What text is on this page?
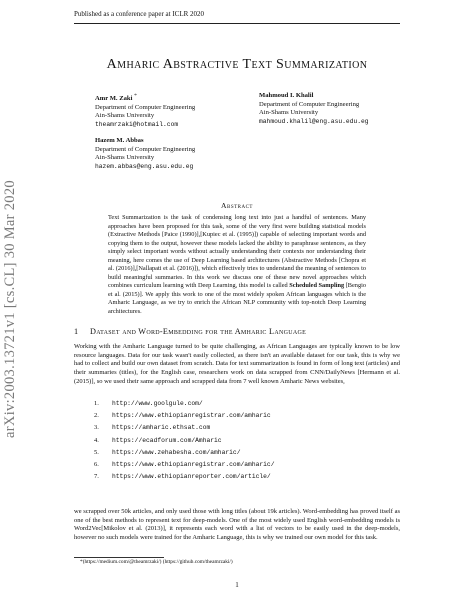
Published as a conference paper at ICLR 2020
arXiv:2003.13721v1 [cs.CL] 30 Mar 2020
Amharic Abstractive Text Summarization
Amr M. Zaki *
Department of Computer Engineering
Ain-Shams University
theamrzaki@hotmail.com
Mahmoud I. Khalil
Department of Computer Engineering
Ain-Shams University
mahmoud.khalil@eng.asu.edu.eg
Hazem M. Abbas
Department of Computer Engineering
Ain-Shams University
hazem.abbas@eng.asu.edu.eg
Abstract
Text Summarization is the task of condensing long text into just a handful of sentences. Many approaches have been proposed for this task, some of the very first were building statistical models (Extractive Methods [Paice (1990)],[Kupiec et al. (1995)]) capable of selecting important words and copying them to the output, however these models lacked the ability to paraphrase sentences, as they simply select important words without actually understanding their contexts nor understanding their meaning, here comes the use of Deep Learning based architectures (Abstractive Methods [Chopra et al. (2016)],[Nallapati et al. (2016)]), which effectively tries to understand the meaning of sentences to build meaningful summaries. In this work we discuss one of these new novel approaches which combines curriculum learning with Deep Learning, this model is called Scheduled Sampling [Bengio et al. (2015)]. We apply this work to one of the most widely spoken African languages which is the Amharic Language, as we try to enrich the African NLP community with top-notch Deep Learning architectures.
1 Dataset and Word-Embedding for the Amharic Language
Working with the Amharic Language turned to be quite challenging, as African Languages are typically known to be low resource languages. Data for our task wasn't easily collected, as there isn't an available dataset for our task, this is why we had to collect and build our own dataset from scratch. Data for text summarization is found in form of long text (articles) and their summaries (titles), for the English case, researchers work on data scrapped from CNN/DailyNews [Hermann et al. (2015)], so we used their same approach and scrapped data from 7 well known Amharic News websites,
1. http://www.goolgule.com/
2. https://www.ethiopianregistrar.com/amharic
3. https://amharic.ethsat.com
4. https://ecadforum.com/Amharic
5. https://www.zehabesha.com/amharic/
6. https://www.ethiopianregistrar.com/amharic/
7. https://www.ethiopianreporter.com/article/
we scrapped over 50k articles, and only used those with long titles (about 19k articles). Word-embedding has proved itself as one of the best methods to represent text for deep-models. One of the most widely used English word-embedding models is Word2Vec[Mikolov et al. (2013)], it represents each word with a list of vectors to be easily used in the deep-models, however no such models were trained for the Amharic Language, this is why we trained our own model for this task.
*(https://medium.com/@theamrzaki/) (https://github.com/theamrzaki/)
1
